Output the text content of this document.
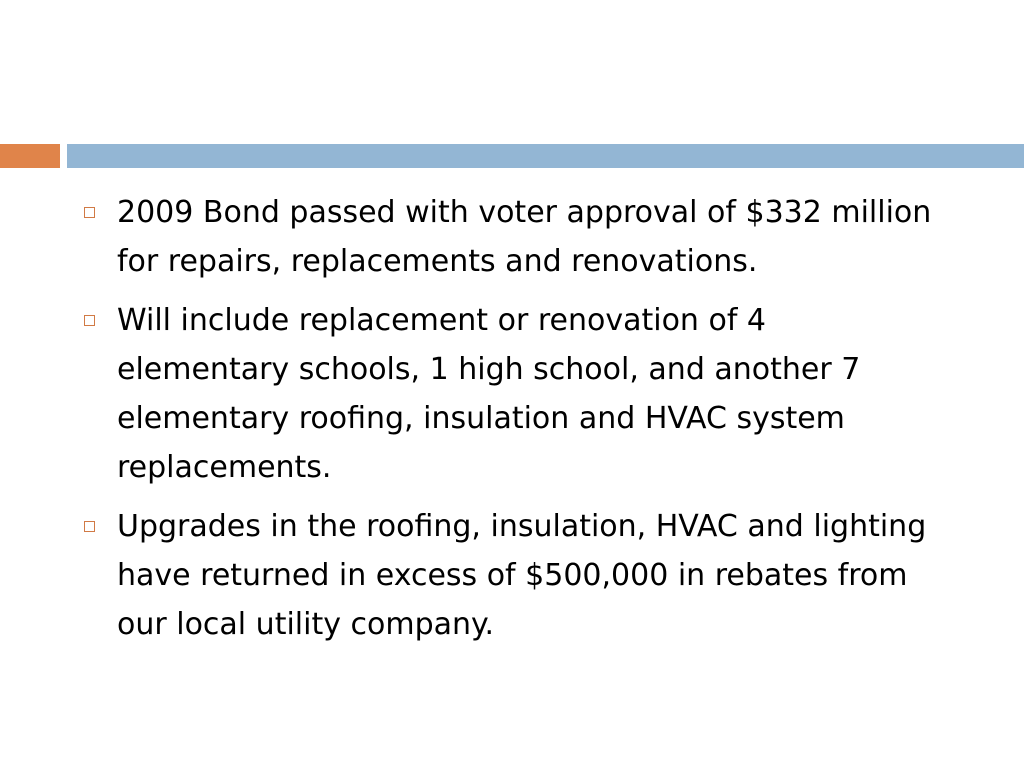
2009 Bond passed with voter approval of $332 million for repairs, replacements and renovations.
Will include replacement or renovation of 4 elementary schools, 1 high school, and another 7 elementary roofing, insulation and HVAC system replacements.
Upgrades in the roofing, insulation, HVAC and lighting have returned in excess of $500,000 in rebates from our local utility company.
